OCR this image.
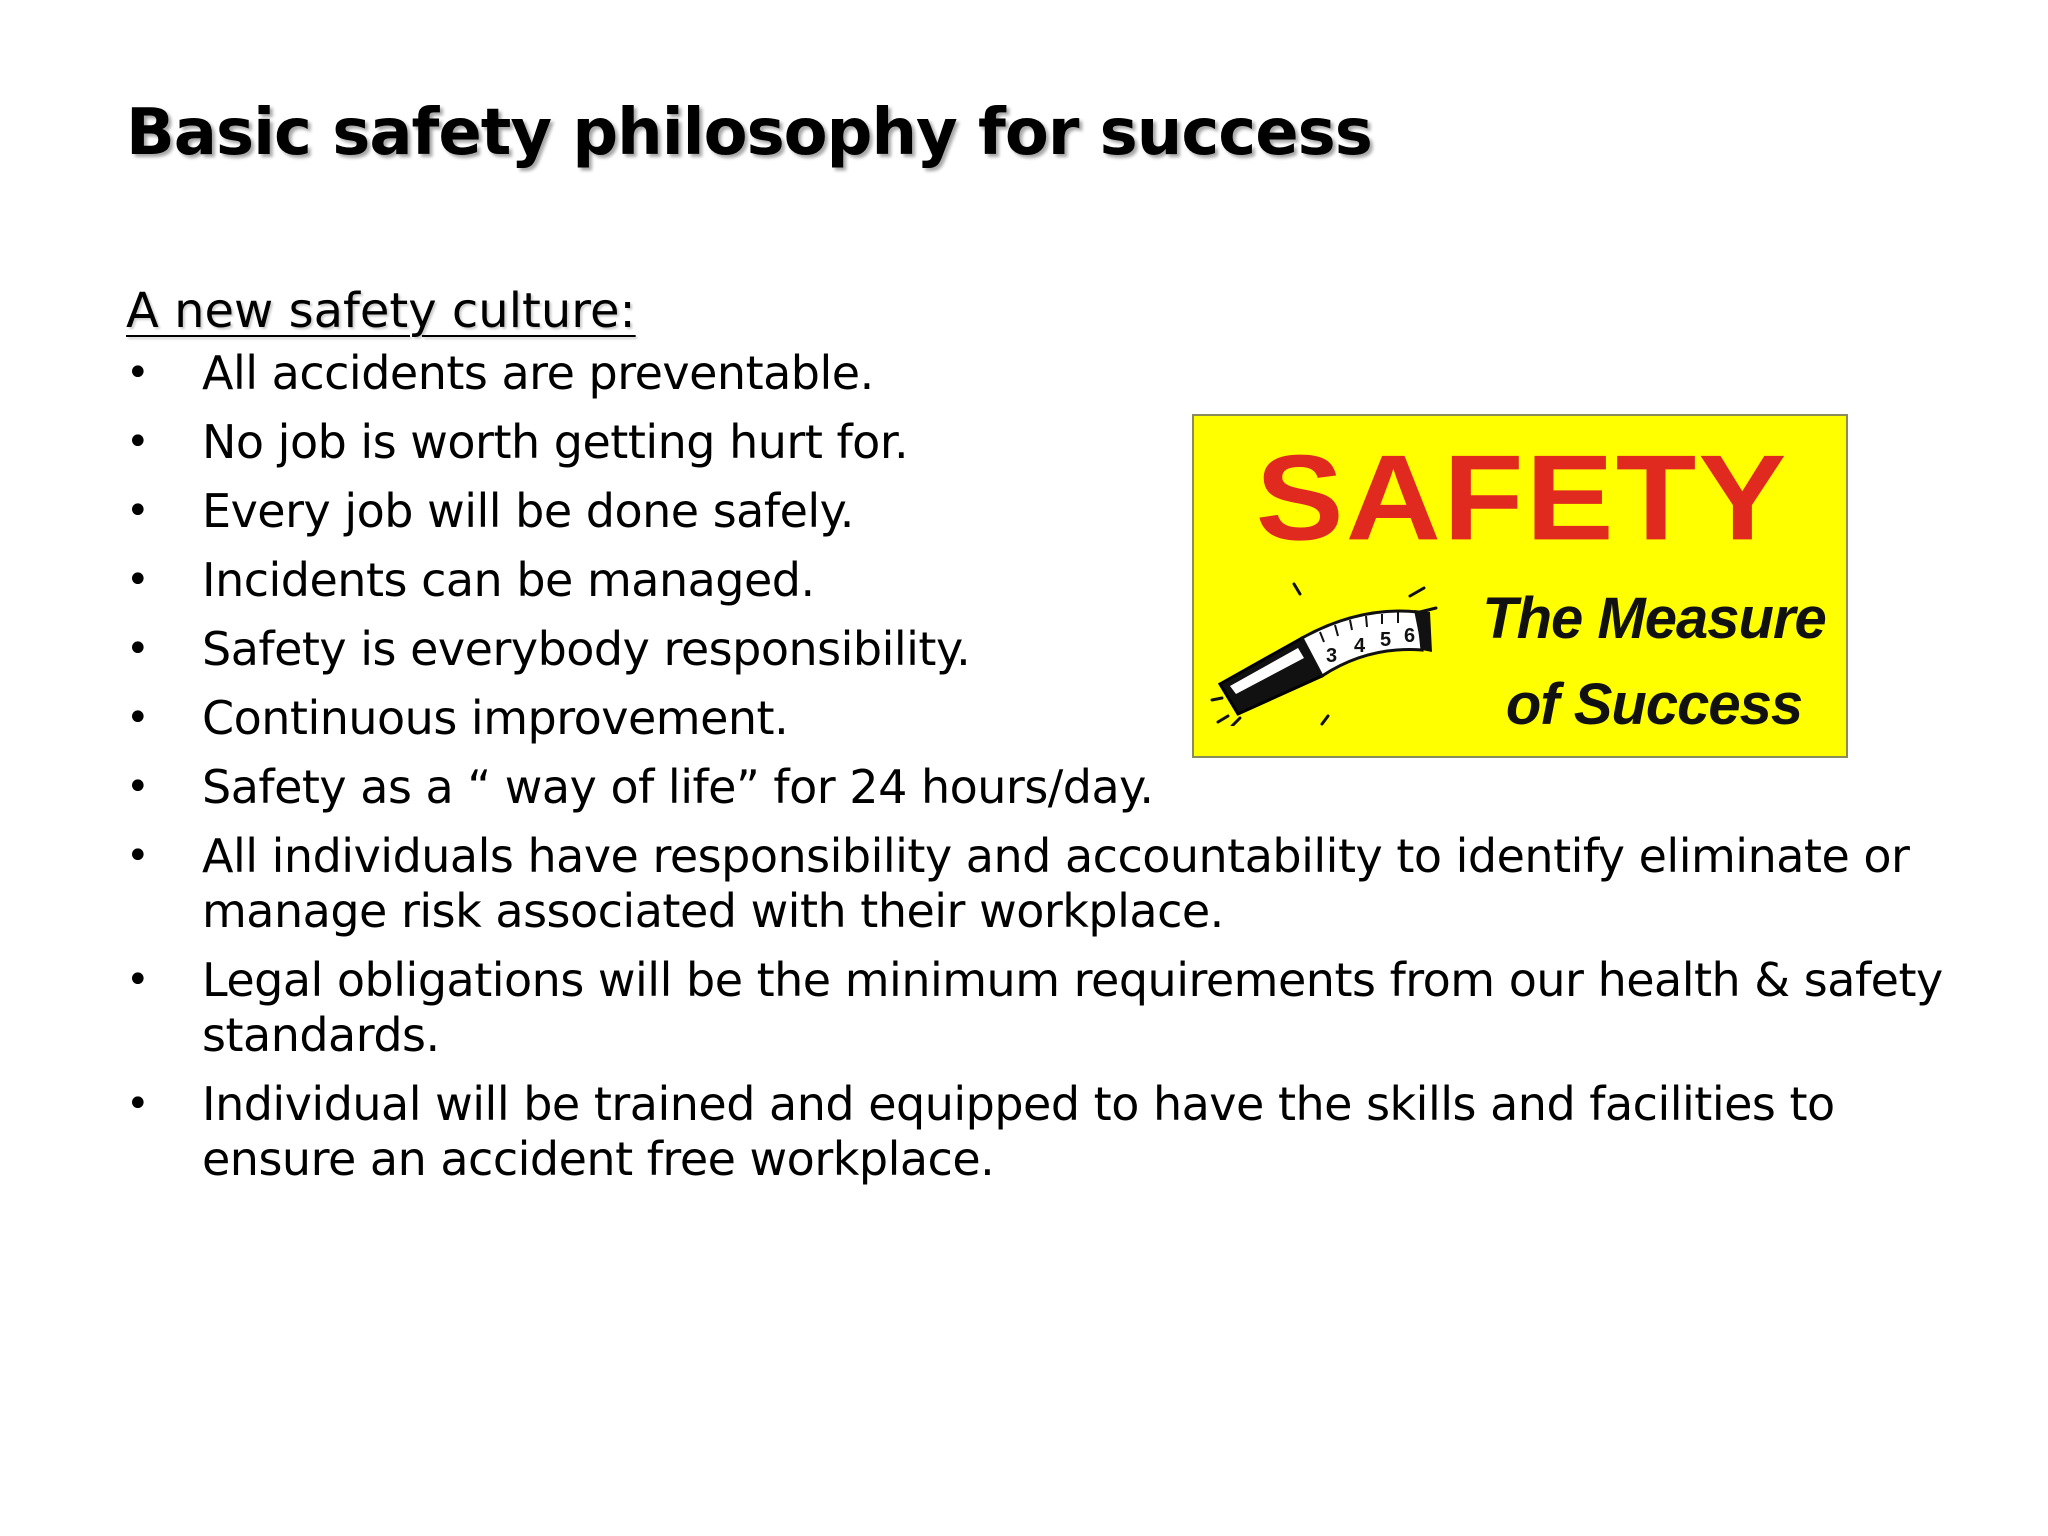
Basic safety philosophy for success

A new safety culture:

•	All accidents are preventable.
•	No job is worth getting hurt for.
•	Every job will be done safely.
•	Incidents can be managed.
•	Safety is everybody responsibility.
•	Continuous improvement.
•	Safety as a “ way of life” for 24 hours/day.
•	All individuals have responsibility and accountability to identify eliminate or manage risk associated with their workplace.
•	Legal obligations will be the minimum requirements from our health & safety standards.
•	Individual will be trained and equipped to have the skills and facilities to ensure an accident free workplace.
SAFETY
3 4 5 6 The Measure of Success
